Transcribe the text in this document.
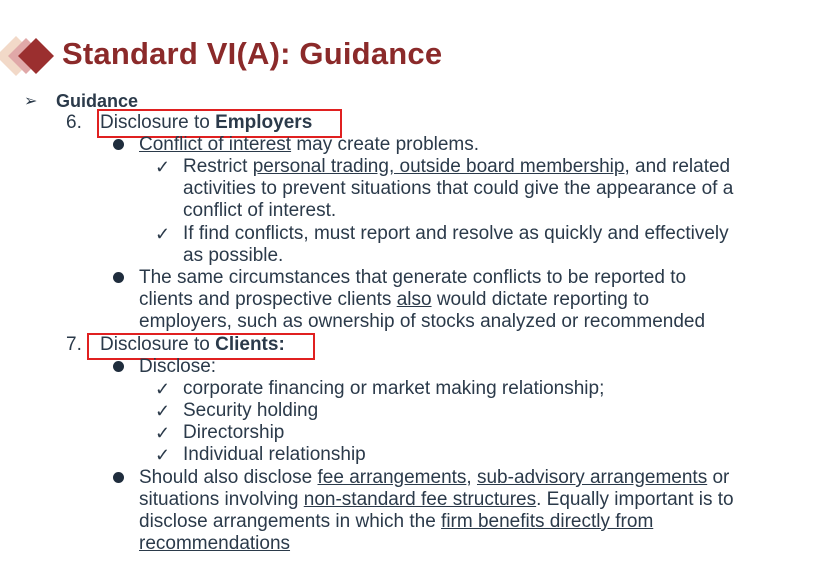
Standard VI(A): Guidance
➢ Guidance
6. Disclosure to Employers
Conflict of interest may create problems.
✓ Restrict personal trading, outside board membership, and related
activities to prevent situations that could give the appearance of a
conflict of interest.
✓ If find conflicts, must report and resolve as quickly and effectively
as possible.
The same circumstances that generate conflicts to be reported to
clients and prospective clients also would dictate reporting to
employers, such as ownership of stocks analyzed or recommended
7. Disclosure to Clients:
Disclose:
✓ corporate financing or market making relationship;
✓ Security holding
✓ Directorship
✓ Individual relationship
Should also disclose fee arrangements, sub-advisory arrangements or
situations involving non-standard fee structures. Equally important is to
disclose arrangements in which the firm benefits directly from
recommendations
